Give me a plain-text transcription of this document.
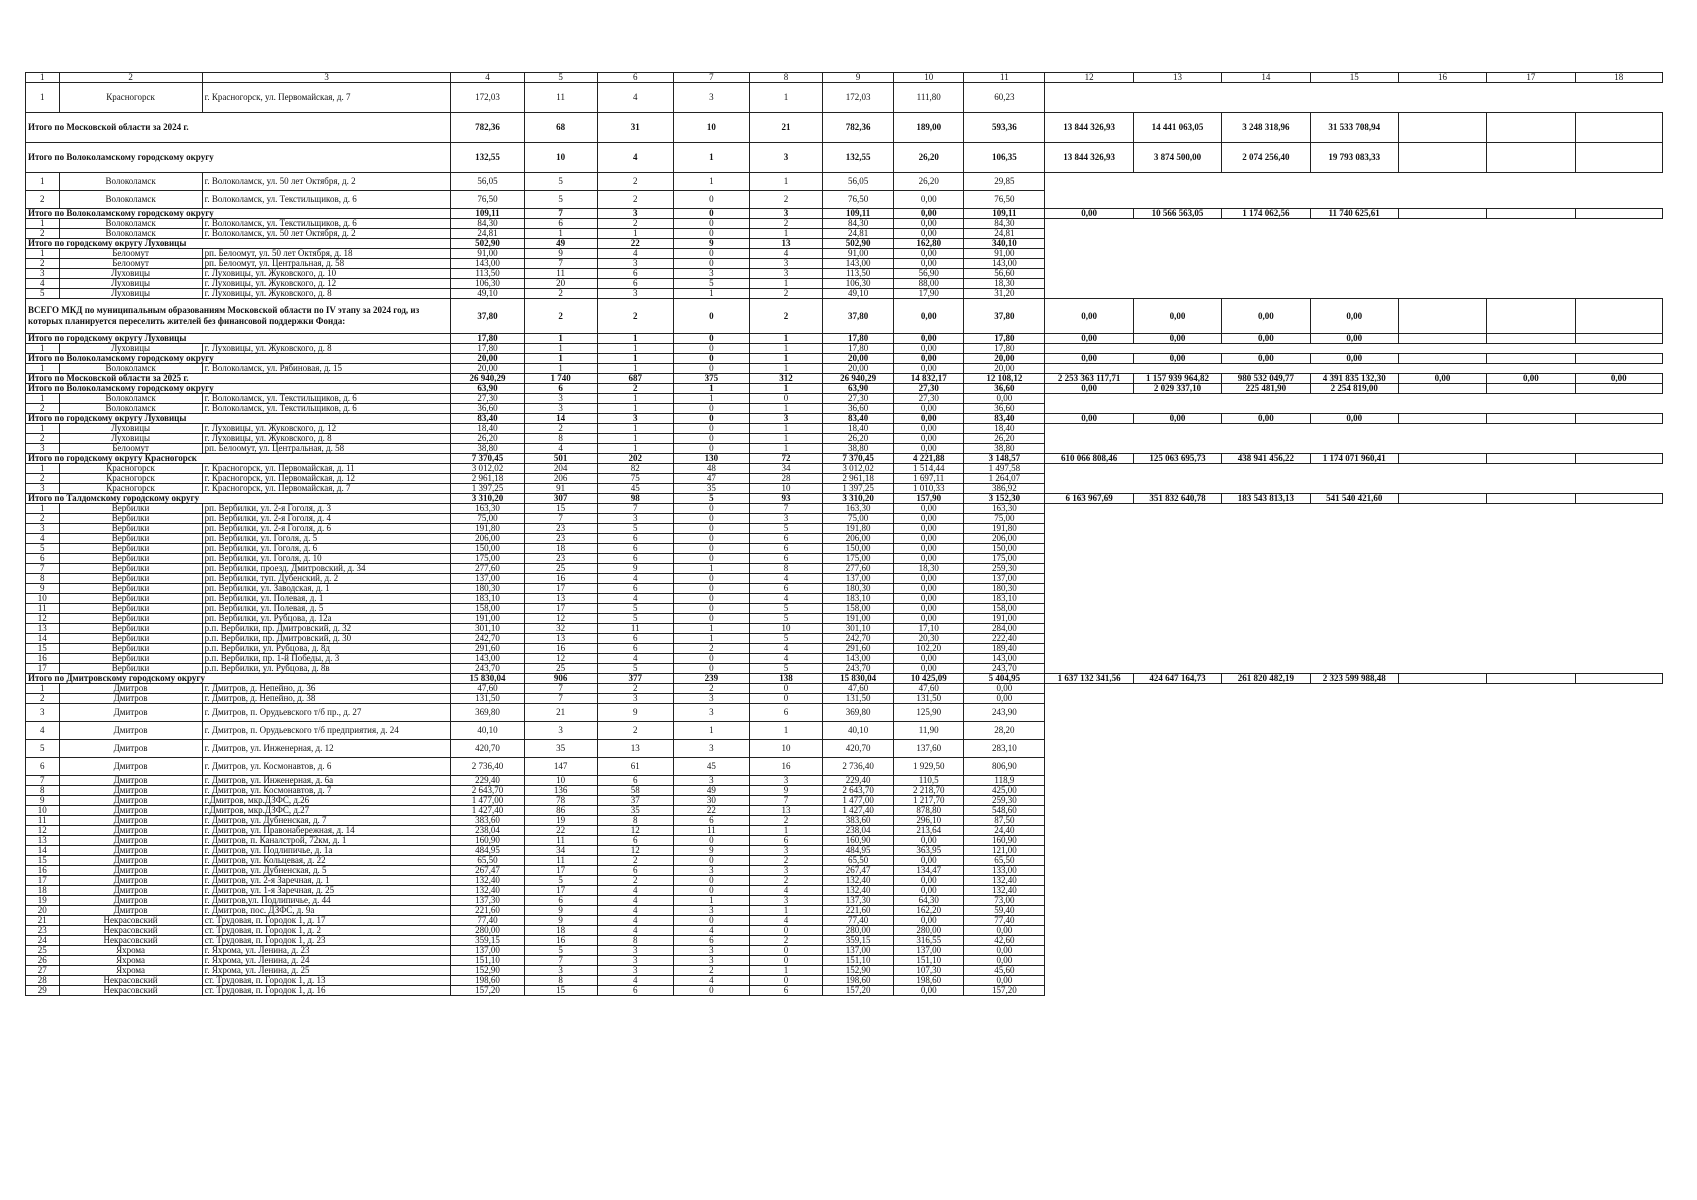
1	2	3	4	5	6	7	8	9	10	11	12	13	14	15	16	17	18
1	Красногорск	г. Красногорск, ул. Первомайская, д. 7	172,03	11	4	3	1	172,03	111,80	60,23							
Итого по Московской области за 2024 г.			782,36	68	31	10	21	782,36	189,00	593,36	13 844 326,93	14 441 063,05	3 248 318,96	31 533 708,94			
Итого по Волоколамскому городскому округу			132,55	10	4	1	3	132,55	26,20	106,35	13 844 326,93	3 874 500,00	2 074 256,40	19 793 083,33			
1	Волоколамск	г. Волоколамск, ул. 50 лет Октября, д. 2	56,05	5	2	1	1	56,05	26,20	29,85							
2	Волоколамск	г. Волоколамск, ул. Текстильщиков, д. 6	76,50	5	2	0	2	76,50	0,00	76,50							
Итого по Волоколамскому городскому округу			109,11	7	3	0	3	109,11	0,00	109,11	0,00	10 566 563,05	1 174 062,56	11 740 625,61			
1	Волоколамск	г. Волоколамск, ул. Текстильщиков, д. 6	84,30	6	2	0	2	84,30	0,00	84,30							
2	Волоколамск	г. Волоколамск, ул. 50 лет Октября, д. 2	24,81	1	1	0	1	24,81	0,00	24,81							
Итого по городскому округу Луховицы			502,90	49	22	9	13	502,90	162,80	340,10							
1	Белоомут	рп. Белоомут, ул. 50 лет Октября, д. 18	91,00	9	4	0	4	91,00	0,00	91,00							
2	Белоомут	рп. Белоомут, ул. Центральная, д. 58	143,00	7	3	0	3	143,00	0,00	143,00							
3	Луховицы	г. Луховицы, ул. Жуковского, д. 10	113,50	11	6	3	3	113,50	56,90	56,60							
4	Луховицы	г. Луховицы, ул. Жуковского, д. 12	106,30	20	6	5	1	106,30	88,00	18,30							
5	Луховицы	г. Луховицы, ул. Жуковского, д. 8	49,10	2	3	1	2	49,10	17,90	31,20							
ВСЕГО МКД по муниципальным образованиям Московской области по IV этапу за 2024 год, из которых планируется переселить жителей без финансовой поддержки Фонда:			37,80	2	2	0	2	37,80	0,00	37,80	0,00	0,00	0,00	0,00			
Итого по городскому округу Луховицы			17,80	1	1	0	1	17,80	0,00	17,80	0,00	0,00	0,00	0,00			
1	Луховицы	г. Луховицы, ул. Жуковского, д. 8	17,80	1	1	0	1	17,80	0,00	17,80							
Итого по Волоколамскому городскому округу			20,00	1	1	0	1	20,00	0,00	20,00	0,00	0,00	0,00	0,00			
1	Волоколамск	г. Волоколамск, ул. Рябиновая, д. 15	20,00	1	1	0	1	20,00	0,00	20,00							
Итого по Московской области за 2025 г.			26 940,29	1 740	687	375	312	26 940,29	14 832,17	12 108,12	2 253 363 117,71	1 157 939 964,82	980 532 049,77	4 391 835 132,30	0,00	0,00	0,00
Итого по Волоколамскому городскому округу			63,90	6	2	1	1	63,90	27,30	36,60	0,00	2 029 337,10	225 481,90	2 254 819,00			
1	Волоколамск	г. Волоколамск, ул. Текстильщиков, д. 6	27,30	3	1	1	0	27,30	27,30	0,00							
2	Волоколамск	г. Волоколамск, ул. Текстильщиков, д. 6	36,60	3	1	0	1	36,60	0,00	36,60							
Итого по городскому округу Луховицы			83,40	14	3	0	3	83,40	0,00	83,40	0,00	0,00	0,00	0,00			
1	Луховицы	г. Луховицы, ул. Жуковского, д. 12	18,40	2	1	0	1	18,40	0,00	18,40							
2	Луховицы	г. Луховицы, ул. Жуковского, д. 8	26,20	8	1	0	1	26,20	0,00	26,20							
3	Белоомут	рп. Белоомут, ул. Центральная, д. 58	38,80	4	1	0	1	38,80	0,00	38,80							
Итого по городскому округу Красногорск			7 370,45	501	202	130	72	7 370,45	4 221,88	3 148,57	610 066 808,46	125 063 695,73	438 941 456,22	1 174 071 960,41			
1	Красногорск	г. Красногорск, ул. Первомайская, д. 11	3 012,02	204	82	48	34	3 012,02	1 514,44	1 497,58							
2	Красногорск	г. Красногорск, ул. Первомайская, д. 12	2 961,18	206	75	47	28	2 961,18	1 697,11	1 264,07							
3	Красногорск	г. Красногорск, ул. Первомайская, д. 7	1 397,25	91	45	35	10	1 397,25	1 010,33	386,92							
Итого по Талдомскому городскому округу			3 310,20	307	98	5	93	3 310,20	157,90	3 152,30	6 163 967,69	351 832 640,78	183 543 813,13	541 540 421,60			
1	Вербилки	рп. Вербилки, ул. 2-я Гоголя, д. 3	163,30	15	7	0	7	163,30	0,00	163,30							
2	Вербилки	рп. Вербилки, ул. 2-я Гоголя, д. 4	75,00	7	3	0	3	75,00	0,00	75,00							
3	Вербилки	рп. Вербилки, ул. 2-я Гоголя, д. 6	191,80	23	5	0	5	191,80	0,00	191,80							
4	Вербилки	рп. Вербилки, ул. Гоголя, д. 5	206,00	23	6	0	6	206,00	0,00	206,00							
5	Вербилки	рп. Вербилки, ул. Гоголя, д. 6	150,00	18	6	0	6	150,00	0,00	150,00							
6	Вербилки	рп. Вербилки, ул. Гоголя, д. 10	175,00	23	6	0	6	175,00	0,00	175,00							
7	Вербилки	рп. Вербилки, проезд. Дмитровский, д. 34	277,60	25	9	1	8	277,60	18,30	259,30							
8	Вербилки	рп. Вербилки, туп. Дубенский, д. 2	137,00	16	4	0	4	137,00	0,00	137,00							
9	Вербилки	рп. Вербилки, ул. Заводская, д. 1	180,30	17	6	0	6	180,30	0,00	180,30							
10	Вербилки	рп. Вербилки, ул. Полевая, д. 1	183,10	13	4	0	4	183,10	0,00	183,10							
11	Вербилки	рп. Вербилки, ул. Полевая, д. 5	158,00	17	5	0	5	158,00	0,00	158,00							
12	Вербилки	рп. Вербилки, ул. Рубцова, д. 12а	191,00	12	5	0	5	191,00	0,00	191,00							
13	Вербилки	р.п. Вербилки, пр. Дмитровский, д. 32	301,10	32	11	1	10	301,10	17,10	284,00							
14	Вербилки	р.п. Вербилки, пр. Дмитровский, д. 30	242,70	13	6	1	5	242,70	20,30	222,40							
15	Вербилки	р.п. Вербилки, ул. Рубцова, д. 8д	291,60	16	6	2	4	291,60	102,20	189,40							
16	Вербилки	р.п. Вербилки, пр. 1-й Победы, д. 3	143,00	12	4	0	4	143,00	0,00	143,00							
17	Вербилки	р.п. Вербилки, ул. Рубцова, д. 8в	243,70	25	5	0	5	243,70	0,00	243,70							
Итого по Дмитровскому городскому округу			15 830,04	906	377	239	138	15 830,04	10 425,09	5 404,95	1 637 132 341,56	424 647 164,73	261 820 482,19	2 323 599 988,48			
1	Дмитров	г. Дмитров, д. Непейно, д. 36	47,60	7	2	2	0	47,60	47,60	0,00							
2	Дмитров	г. Дмитров, д. Непейно, д. 38	131,50	7	3	3	0	131,50	131,50	0,00							
3	Дмитров	г. Дмитров, п. Орудьевского т/б пр., д. 27	369,80	21	9	3	6	369,80	125,90	243,90							
4	Дмитров	г. Дмитров, п. Орудьевского т/б предприятия, д. 24	40,10	3	2	1	1	40,10	11,90	28,20							
5	Дмитров	г. Дмитров, ул. Инженерная, д. 12	420,70	35	13	3	10	420,70	137,60	283,10							
6	Дмитров	г. Дмитров, ул. Космонавтов, д. 6	2 736,40	147	61	45	16	2 736,40	1 929,50	806,90							
7	Дмитров	г. Дмитров, ул. Инженерная, д. 6а	229,40	10	6	3	3	229,40	110,5	118,9							
8	Дмитров	г. Дмитров, ул. Космонавтов, д. 7	2 643,70	136	58	49	9	2 643,70	2 218,70	425,00							
9	Дмитров	г.Дмитров, мкр.ДЗФС, д.26	1 477,00	78	37	30	7	1 477,00	1 217,70	259,30							
10	Дмитров	г.Дмитров, мкр.ДЗФС, д.27	1 427,40	86	35	22	13	1 427,40	878,80	548,60							
11	Дмитров	г. Дмитров, ул. Дубненская, д. 7	383,60	19	8	6	2	383,60	296,10	87,50							
12	Дмитров	г. Дмитров, ул. Правонабережная, д. 14	238,04	22	12	11	1	238,04	213,64	24,40							
13	Дмитров	г. Дмитров, п. Каналстрой, 72км, д. 1	160,90	11	6	0	6	160,90	0,00	160,90							
14	Дмитров	г. Дмитров, ул. Подлипичье, д. 1а	484,95	34	12	9	3	484,95	363,95	121,00							
15	Дмитров	г. Дмитров, ул. Кольцевая, д. 22	65,50	11	2	0	2	65,50	0,00	65,50							
16	Дмитров	г. Дмитров, ул. Дубненская, д. 5	267,47	17	6	3	3	267,47	134,47	133,00							
17	Дмитров	г. Дмитров, ул. 2-я Заречная, д. 1	132,40	5	2	0	2	132,40	0,00	132,40							
18	Дмитров	г. Дмитров, ул. 1-я Заречная, д. 25	132,40	17	4	0	4	132,40	0,00	132,40							
19	Дмитров	г. Дмитров,ул. Подлипичье, д. 44	137,30	6	4	1	3	137,30	64,30	73,00							
20	Дмитров	г. Дмитров, пос. ДЗФС, д. 9а	221,60	9	4	3	1	221,60	162,20	59,40							
21	Некрасовский	ст. Трудовая, п. Городок 1, д. 17	77,40	9	4	0	4	77,40	0,00	77,40							
23	Некрасовский	ст. Трудовая, п. Городок 1, д. 2	280,00	18	4	4	0	280,00	280,00	0,00							
24	Некрасовский	ст. Трудовая, п. Городок 1, д. 23	359,15	16	8	6	2	359,15	316,55	42,60							
25	Яхрома	г. Яхрома, ул. Ленина, д. 23	137,00	5	3	3	0	137,00	137,00	0,00							
26	Яхрома	г. Яхрома, ул. Ленина, д. 24	151,10	7	3	3	0	151,10	151,10	0,00							
27	Яхрома	г. Яхрома, ул. Ленина, д. 25	152,90	3	3	2	1	152,90	107,30	45,60							
28	Некрасовский	ст. Трудовая, п. Городок 1, д. 13	198,60	8	4	4	0	198,60	198,60	0,00							
29	Некрасовский	ст. Трудовая, п. Городок 1, д. 16	157,20	15	6	0	6	157,20	0,00	157,20							
